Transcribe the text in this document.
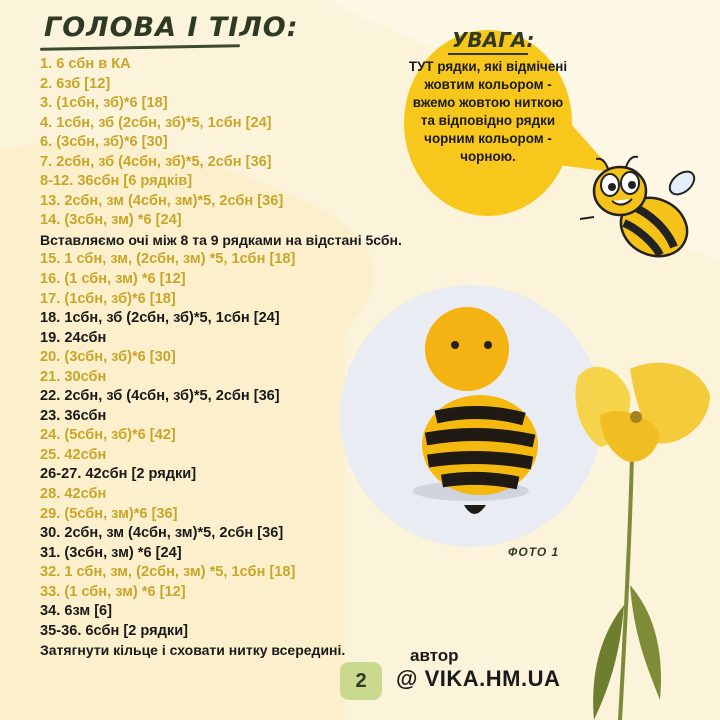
ГОЛОВА І ТІЛО:
1. 6 сбн в КА
2. 6зб [12]
3. (1сбн, зб)*6 [18]
4. 1сбн, зб (2сбн, зб)*5, 1сбн [24]
6. (3сбн, зб)*6 [30]
7. 2сбн, зб (4сбн, зб)*5, 2сбн [36]
8-12. 36сбн [6 рядків]
13. 2сбн, зм (4сбн, зм)*5, 2сбн [36]
14. (3сбн, зм) *6 [24]
Вставляємо очі між 8 та 9 рядками на відстані 5сбн.
15. 1 сбн, зм, (2сбн, зм) *5, 1сбн [18]
16. (1 сбн, зм) *6 [12]
17. (1сбн, зб)*6 [18]
18. 1сбн, зб (2сбн, зб)*5, 1сбн [24]
19. 24сбн
20. (3сбн, зб)*6 [30]
21. 30сбн
22. 2сбн, зб (4сбн, зб)*5, 2сбн [36]
23. 36сбн
24. (5сбн, зб)*6 [42]
25. 42сбн
26-27. 42сбн [2 рядки]
28. 42сбн
29. (5сбн, зм)*6 [36]
30. 2сбн, зм (4сбн, зм)*5, 2сбн [36]
31. (3сбн, зм) *6 [24]
32. 1 сбн, зм, (2сбн, зм) *5, 1сбн [18]
33. (1 сбн, зм) *6 [12]
34. 6зм [6]
35-36. 6сбн [2 рядки]
Затягнути кільце і сховати нитку всередині.
УВАГА:
ТУТ рядки, які відмічені жовтим кольором - вжемо жовтою ниткою та відповідно рядки чорним кольором - чорною.
ФОТО 1
2
автор
@ VIKA.HM.UA
